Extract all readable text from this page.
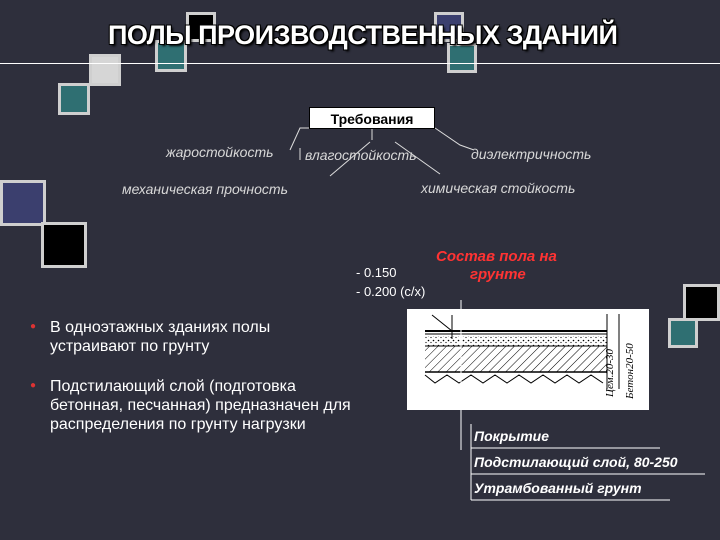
ПОЛЫ ПРОИЗВОДСТВЕННЫХ ЗДАНИЙ
Требования
жаростойкость влагостойкость	диэлектричность
механическая прочность	химическая стойкость
Состав пола на
грунте
- 0.150
- 0.200 (с/х)
● В одноэтажных зданиях полы устраивают по грунту
● Подстилающий слой (подготовка бетонная, песчанная) предназначен для распределения по грунту нагрузки
Цем.20-30 Бетон20-50
Покрытие
Подстилающий слой, 80-250
Утрамбованный грунт
